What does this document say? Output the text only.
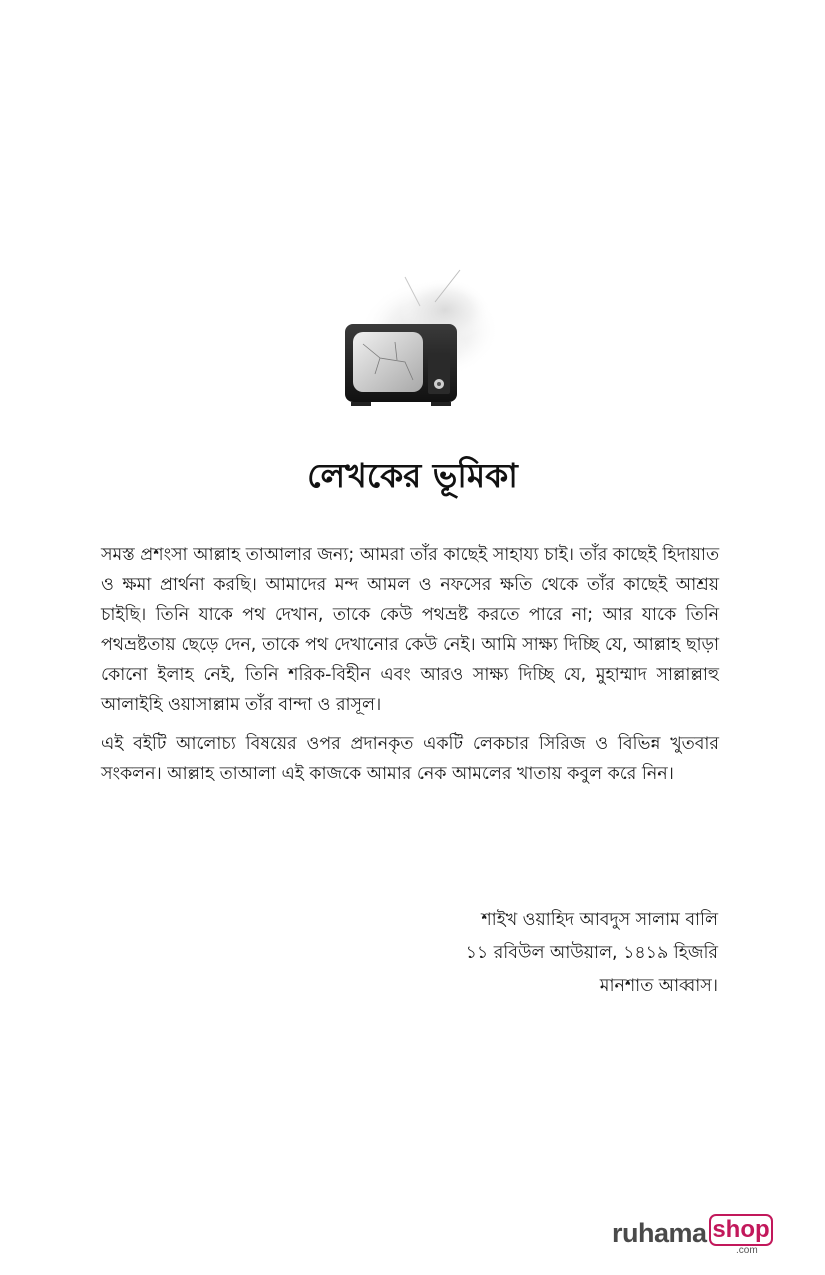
লেখকের ভূমিকা

সমস্ত প্রশংসা আল্লাহ তাআলার জন্য; আমরা তাঁর কাছেই সাহায্য চাই। তাঁর কাছেই হিদায়াত ও ক্ষমা প্রার্থনা করছি। আমাদের মন্দ আমল ও নফসের ক্ষতি থেকে তাঁর কাছেই আশ্রয় চাইছি। তিনি যাকে পথ দেখান, তাকে কেউ পথভ্রষ্ট করতে পারে না; আর যাকে তিনি পথভ্রষ্টতায় ছেড়ে দেন, তাকে পথ দেখানোর কেউ নেই। আমি সাক্ষ্য দিচ্ছি যে, আল্লাহ ছাড়া কোনো ইলাহ নেই, তিনি শরিক-বিহীন এবং আরও সাক্ষ্য দিচ্ছি যে, মুহাম্মাদ সাল্লাল্লাহু আলাইহি ওয়াসাল্লাম তাঁর বান্দা ও রাসূল।

এই বইটি আলোচ্য বিষয়ের ওপর প্রদানকৃত একটি লেকচার সিরিজ ও বিভিন্ন খুতবার সংকলন। আল্লাহ তাআলা এই কাজকে আমার নেক আমলের খাতায় কবুল করে নিন।

শাইখ ওয়াহিদ আবদুস সালাম বালি
১১ রবিউল আউয়াল, ১৪১৯ হিজরি
মানশাত আব্বাস।
ruhama shop
.com
